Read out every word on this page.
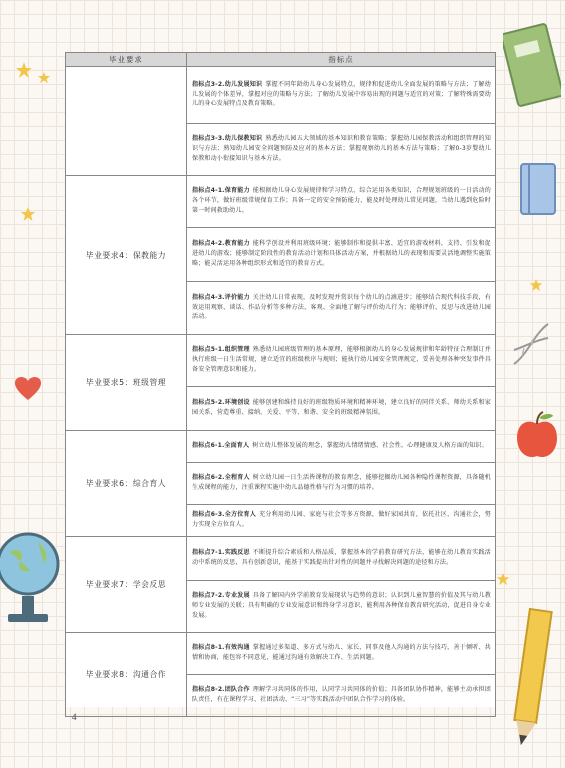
毕业要求	指标点
	指标点3-2.幼儿发展知识 掌握不同年龄幼儿身心发展特点、规律和促进幼儿全面发展的策略与方法；了解幼儿发展的个体差异，掌握对应的策略与方法；了解幼儿发展中容易出现的问题与适宜的对策；了解特殊需要幼儿的身心发展特点及教育策略。
	指标点3-3.幼儿保教知识 熟悉幼儿园五大领域的基本知识和教育策略；掌握幼儿园保教活动和组织管理的知识与方法；熟知幼儿园安全问题预防及应对的基本方法；掌握观察幼儿的基本方法与策略；了解0-3岁婴幼儿保教和动小衔接知识与基本方法。
毕业要求4：保教能力	指标点4-1.保育能力 能根据幼儿身心发展规律和学习特点，综合运用各类知识，合理规划班级的一日活动的各个环节，做好班级常规保育工作；具备一定的安全预防能力，能及时处理幼儿常见问题，当幼儿遇到危险时第一时间救助幼儿。
	指标点4-2.教育能力 能科学创设并利用班级环境；能够制作和提供丰富、适宜的游戏材料，支持、引发和促进幼儿的游戏；能够制定阶段性的教育活动计划和具体活动方案，并根据幼儿的表现和需要灵活地调整实施策略；能灵活运用各种组织形式和适宜的教育方式。
	指标点4-3.评价能力 关注幼儿日常表现，及时发现并赏识每个幼儿的点滴进步；能够结合现代科技手段，有效运用观察、谈话、作品分析等多种方法，客观、全面地了解与评价幼儿行为；能够评价、反思与改进幼儿园活动。
毕业要求5：班级管理	指标点5-1.组织管理 熟悉幼儿园班级管理的基本原理，能够根据幼儿的身心发展规律和年龄特征合理制订并执行班级一日生活常规，建立适宜的班级秩序与规则；能执行幼儿园安全管理规定，妥善处理各种突发事件具备安全管理意识和能力。
	指标点5-2.环境创设 能够创建和维持良好的班级物质环境和精神环境，建立良好的同伴关系、师幼关系和家园关系，营造尊重、接纳、关爱、平等、和谐、安全的班级精神氛围。
毕业要求6：综合育人	指标点6-1.全面育人 树立幼儿整体发展的理念，掌握幼儿情绪情感、社会性、心理健康及人格方面的知识。
	指标点6-2.全程育人 树立幼儿园一日生活皆课程的教育理念，能够挖掘幼儿园各种隐性课程资源，具备随机生成课程的能力，注重课程实施中幼儿品德性格与行为习惯的培养。
	指标点6-3.全方位育人 充分利用幼儿园、家庭与社会等多方资源，做好家园共育，依托社区，沟通社会，努力实现全方位育人。
毕业要求7：学会反思	指标点7-1.实践反思 不断提升综合素质和人格品质，掌握基本的学前教育研究方法，能够在幼儿教育实践活动中系统的反思，具有创新意识，能基于实践提出针对性的问题并寻找解决问题的途径和方法。
	指标点7-2.专业发展 具备了解国内外学前教育发展现状与趋势的意识；认识到儿童智慧的价值及其与幼儿教师专业发展的关联；具有明确的专业发展意识和终身学习意识，能利用各种保育教育研究活动，促进自身专业发展。
毕业要求8：沟通合作	指标点8-1.有效沟通 掌握通过多渠道、多方式与幼儿、家长、同事及他人沟通的方法与技巧，善于倾听、共情和协商，能包容不同意见，能通过沟通有效解决工作、生活问题。
	指标点8-2.团队合作 理解学习共同体的作用，认同学习共同体的价值；具备团队协作精神，能够主动承担团队责任，有在课程学习、社团活动、“三习”等实践活动中团队合作学习的体验。
4
